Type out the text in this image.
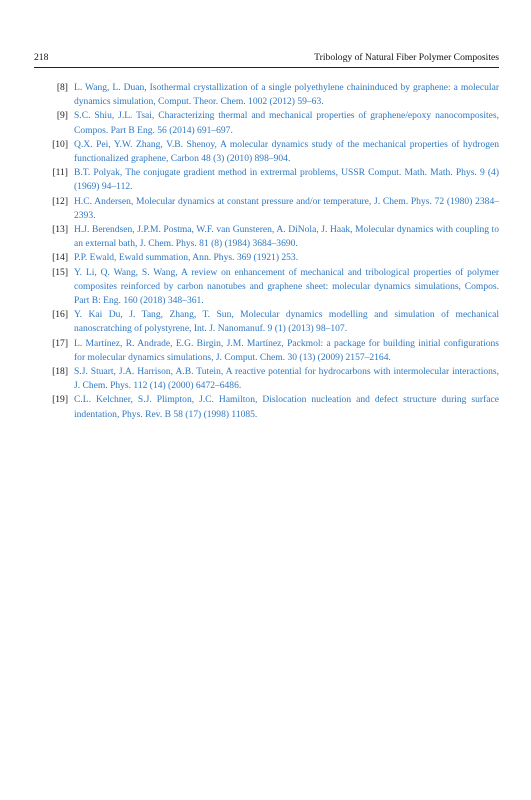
218	Tribology of Natural Fiber Polymer Composites

[8] L. Wang, L. Duan, Isothermal crystallization of a single polyethylene chaininduced by graphene: a molecular dynamics simulation, Comput. Theor. Chem. 1002 (2012) 59–63.

[9] S.C. Shiu, J.L. Tsai, Characterizing thermal and mechanical properties of graphene/epoxy nanocomposites, Compos. Part B Eng. 56 (2014) 691–697.

[10] Q.X. Pei, Y.W. Zhang, V.B. Shenoy, A molecular dynamics study of the mechanical properties of hydrogen functionalized graphene, Carbon 48 (3) (2010) 898–904.

[11] B.T. Polyak, The conjugate gradient method in extrermal problems, USSR Comput. Math. Math. Phys. 9 (4) (1969) 94–112.

[12] H.C. Andersen, Molecular dynamics at constant pressure and/or temperature, J. Chem. Phys. 72 (1980) 2384–2393.

[13] H.J. Berendsen, J.P.M. Postma, W.F. van Gunsteren, A. DiNola, J. Haak, Molecular dynamics with coupling to an external bath, J. Chem. Phys. 81 (8) (1984) 3684–3690.

[14] P.P. Ewald, Ewald summation, Ann. Phys. 369 (1921) 253.

[15] Y. Li, Q. Wang, S. Wang, A review on enhancement of mechanical and tribological properties of polymer composites reinforced by carbon nanotubes and graphene sheet: molecular dynamics simulations, Compos. Part B: Eng. 160 (2018) 348–361.

[16] Y. Kai Du, J. Tang, Zhang, T. Sun, Molecular dynamics modelling and simulation of mechanical nanoscratching of polystyrene, Int. J. Nanomanuf. 9 (1) (2013) 98–107.

[17] L. Martínez, R. Andrade, E.G. Birgin, J.M. Martínez, Packmol: a package for building initial configurations for molecular dynamics simulations, J. Comput. Chem. 30 (13) (2009) 2157–2164.

[18] S.J. Stuart, J.A. Harrison, A.B. Tutein, A reactive potential for hydrocarbons with intermolecular interactions, J. Chem. Phys. 112 (14) (2000) 6472–6486.

[19] C.L. Kelchner, S.J. Plimpton, J.C. Hamilton, Dislocation nucleation and defect structure during surface indentation, Phys. Rev. B 58 (17) (1998) 11085.
